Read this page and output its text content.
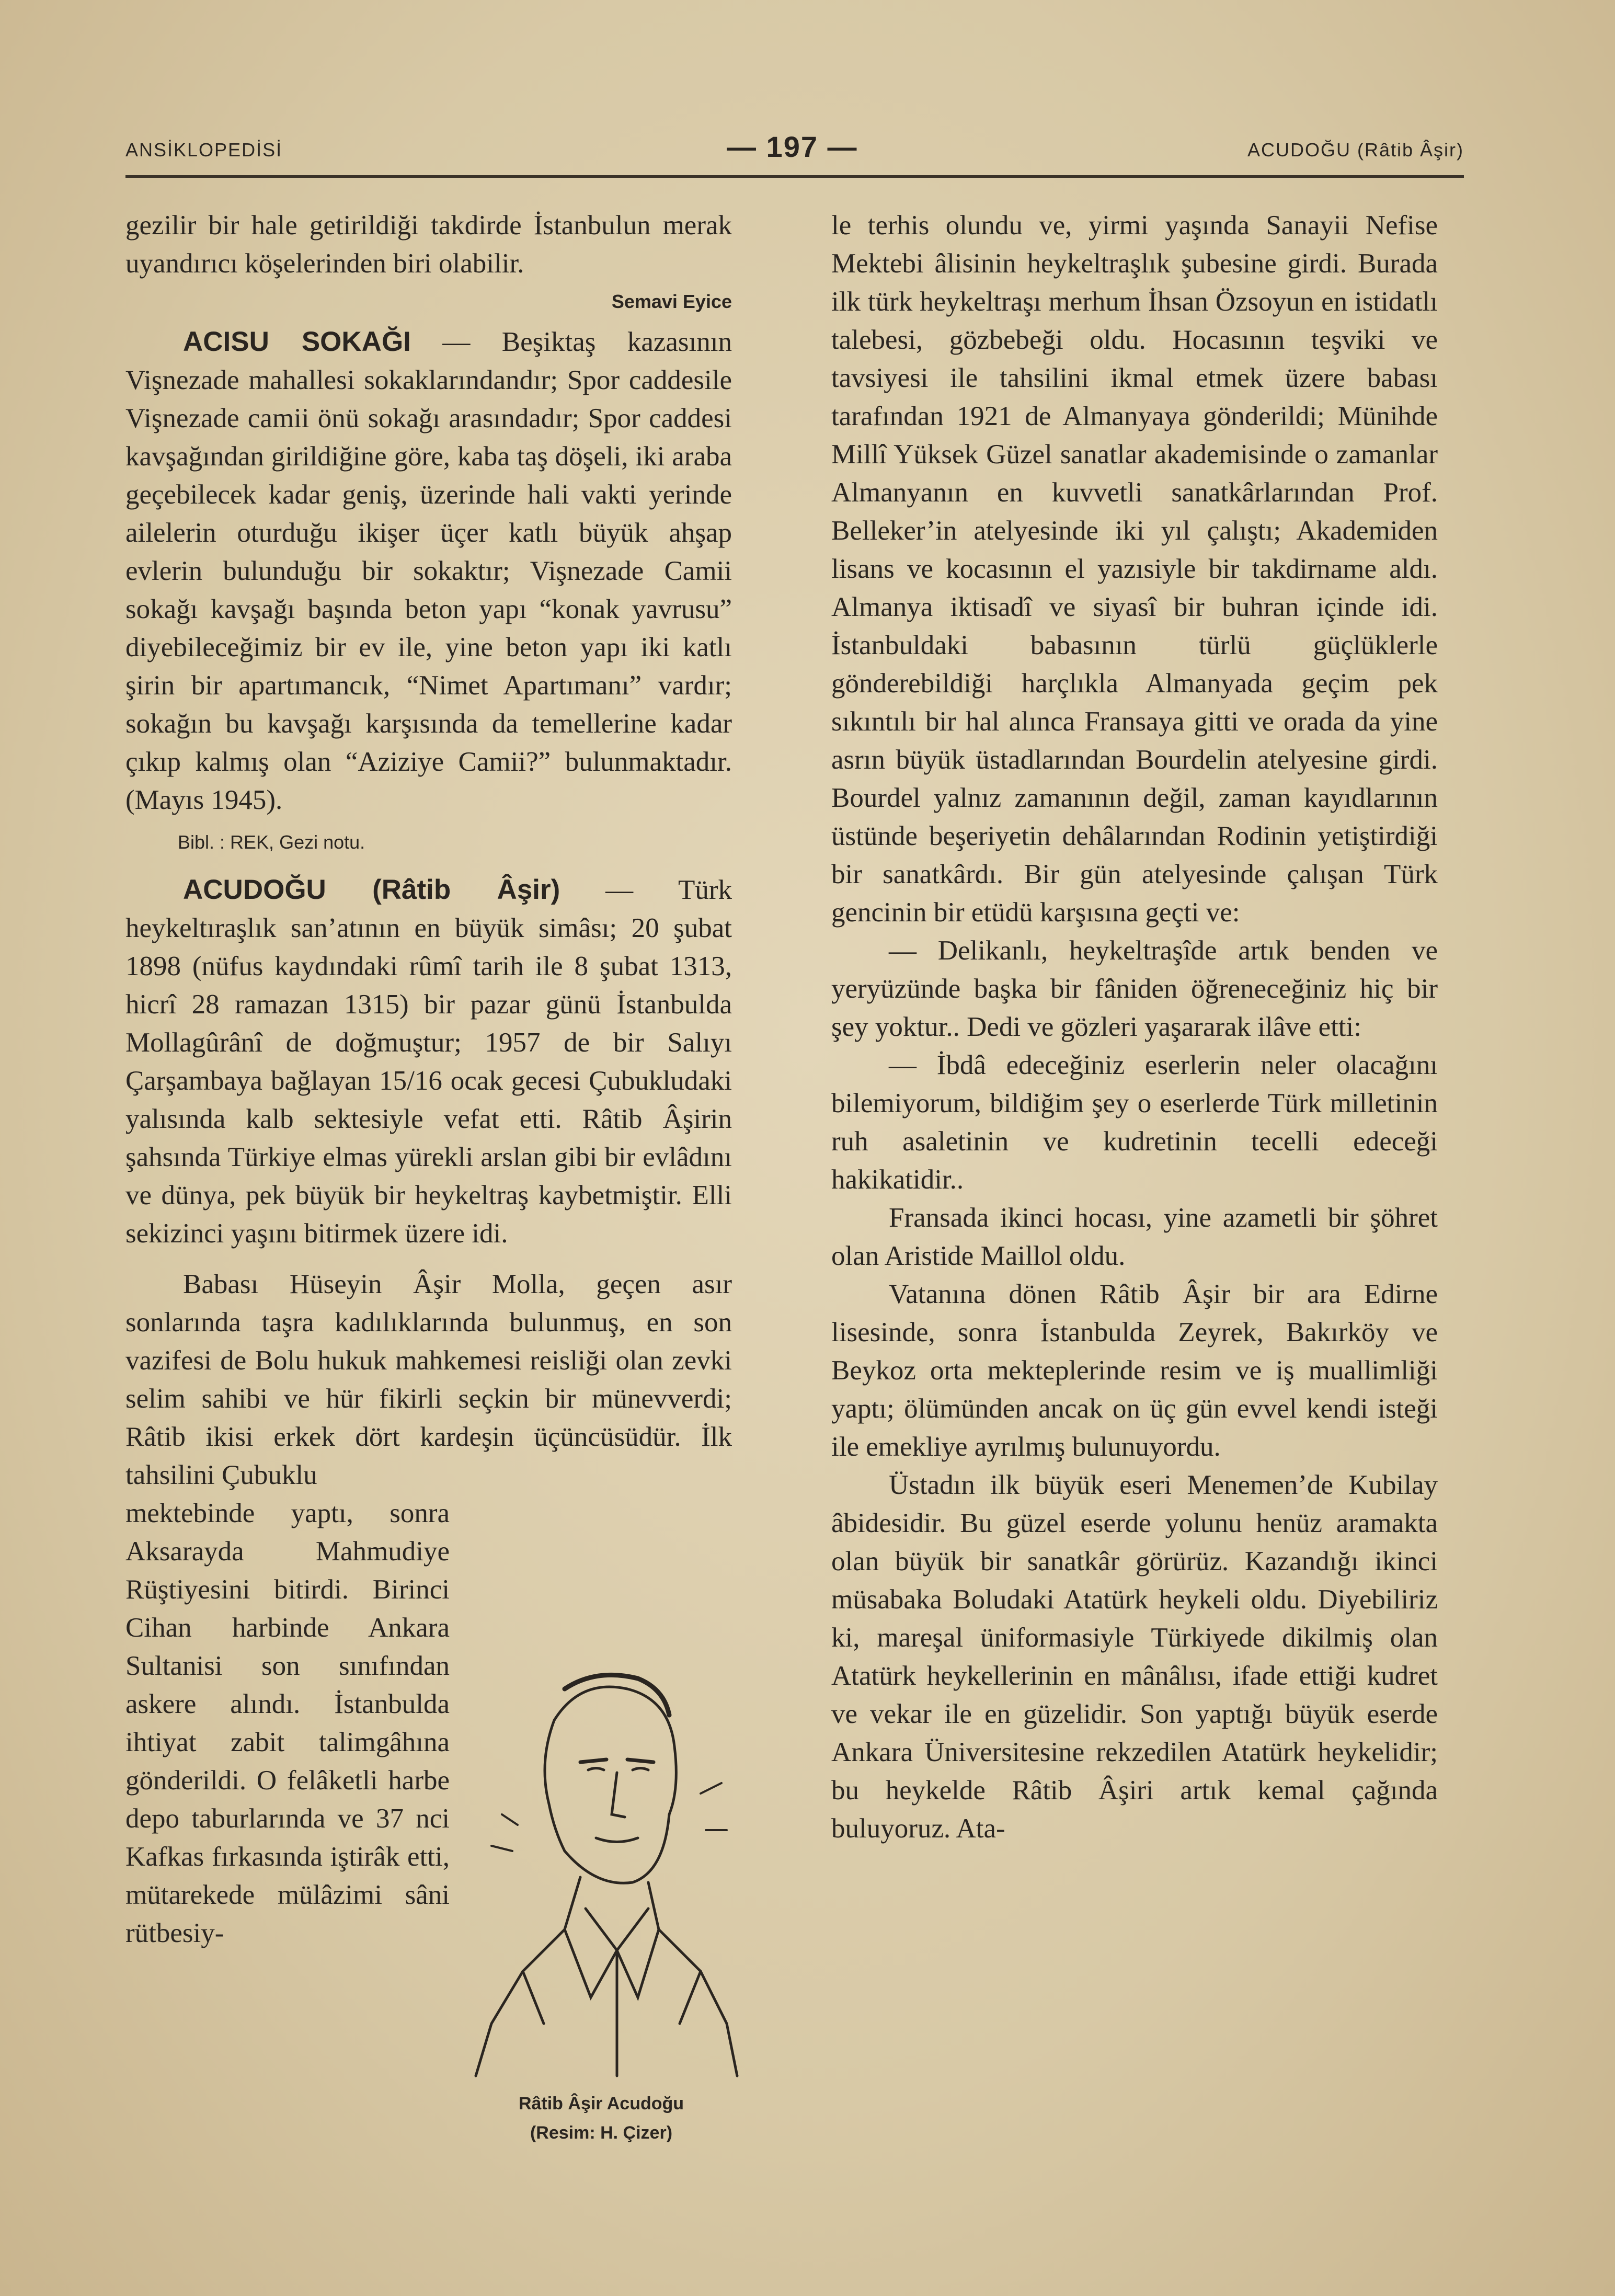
ANSİKLOPEDİSİ	— 197 —	ACUDOĞU (Râtib Âşir)

gezilir bir hale getirildiği takdirde İstanbulun merak uyandırıcı köşelerinden biri olabilir.

Semavi Eyice

ACISU SOKAĞI — Beşiktaş kazasının Vişnezade mahallesi sokaklarındandır; Spor caddesile Vişnezade camii önü sokağı arasındadır; Spor caddesi kavşağından girildiğine göre, kaba taş döşeli, iki araba geçebilecek kadar geniş, üzerinde hali vakti yerinde ailelerin oturduğu ikişer üçer katlı büyük ahşap evlerin bulunduğu bir sokaktır; Vişnezade Camii sokağı kavşağı başında beton yapı “konak yavrusu” diyebileceğimiz bir ev ile, yine beton yapı iki katlı şirin bir apartımancık, “Nimet Apartımanı” vardır; sokağın bu kavşağı karşısında da temellerine kadar çıkıp kalmış olan “Aziziye Camii?” bulunmaktadır. (Mayıs 1945).

Bibl. : REK, Gezi notu.

ACUDOĞU (Râtib Âşir) — Türk heykeltıraşlık san’atının en büyük simâsı; 20 şubat 1898 (nüfus kaydındaki rûmî tarih ile 8 şubat 1313, hicrî 28 ramazan 1315) bir pazar günü İstanbulda Mollagûrânî de doğmuştur; 1957 de bir Salıyı Çarşambaya bağlayan 15/16 ocak gecesi Çubukludaki yalısında kalb sektesiyle vefat etti. Râtib Âşirin şahsında Türkiye elmas yürekli arslan gibi bir evlâdını ve dünya, pek büyük bir heykeltraş kaybetmiştir. Elli sekizinci yaşını bitirmek üzere idi.

Babası Hüseyin Âşir Molla, geçen asır sonlarında taşra kadılıklarında bulunmuş, en son vazifesi de Bolu hukuk mahkemesi reisliği olan zevki selim sahibi ve hür fikirli seçkin bir münevverdi; Râtib ikisi erkek dört kardeşin üçüncüsüdür. İlk tahsilini Çubuklu

mektebinde yaptı, sonra Aksarayda Mahmudiye Rüştiyesini bitirdi. Birinci Cihan harbinde Ankara Sultanisi son sınıfından askere alındı. İstanbulda ihtiyat zabit talimgâhına gönderildi. O felâketli harbe depo taburlarında ve 37 nci Kafkas fırkasında iştirâk etti, mütarekede mülâzimi sâni rütbesiy-

Râtib Âşir Acudoğu
(Resim: H. Çizer)

le terhis olundu ve, yirmi yaşında Sanayii Nefise Mektebi âlisinin heykeltraşlık şubesine girdi. Burada ilk türk heykeltraşı merhum İhsan Özsoyun en istidatlı talebesi, gözbebeği oldu. Hocasının teşviki ve tavsiyesi ile tahsilini ikmal etmek üzere babası tarafından 1921 de Almanyaya gönderildi; Münihde Millî Yüksek Güzel sanatlar akademisinde o zamanlar Almanyanın en kuvvetli sanatkârlarından Prof. Belleker’in atelyesinde iki yıl çalıştı; Akademiden lisans ve kocasının el yazısiyle bir takdirname aldı. Almanya iktisadî ve siyasî bir buhran içinde idi. İstanbuldaki babasının türlü güçlüklerle gönderebildiği harçlıkla Almanyada geçim pek sıkıntılı bir hal alınca Fransaya gitti ve orada da yine asrın büyük üstadlarından Bourdelin atelyesine girdi. Bourdel yalnız zamanının değil, zaman kayıdlarının üstünde beşeriyetin dehâlarından Rodinin yetiştirdiği bir sanatkârdı. Bir gün atelyesinde çalışan Türk gencinin bir etüdü karşısına geçti ve:

— Delikanlı, heykeltraşîde artık benden ve yeryüzünde başka bir fâniden öğreneceğiniz hiç bir şey yoktur.. Dedi ve gözleri yaşararak ilâve etti:

— İbdâ edeceğiniz eserlerin neler olacağını bilemiyorum, bildiğim şey o eserlerde Türk milletinin ruh asaletinin ve kudretinin tecelli edeceği hakikatidir..

Fransada ikinci hocası, yine azametli bir şöhret olan Aristide Maillol oldu.

Vatanına dönen Râtib Âşir bir ara Edirne lisesinde, sonra İstanbulda Zeyrek, Bakırköy ve Beykoz orta mekteplerinde resim ve iş muallimliği yaptı; ölümünden ancak on üç gün evvel kendi isteği ile emekliye ayrılmış bulunuyordu.

Üstadın ilk büyük eseri Menemen’de Kubilay âbidesidir. Bu güzel eserde yolunu henüz aramakta olan büyük bir sanatkâr görürüz. Kazandığı ikinci müsabaka Boludaki Atatürk heykeli oldu. Diyebiliriz ki, mareşal üniformasiyle Türkiyede dikilmiş olan Atatürk heykellerinin en mânâlısı, ifade ettiği kudret ve vekar ile en güzelidir. Son yaptığı büyük eserde Ankara Üniversitesine rekzedilen Atatürk heykelidir; bu heykelde Râtib Âşiri artık kemal çağında buluyoruz. Ata-
